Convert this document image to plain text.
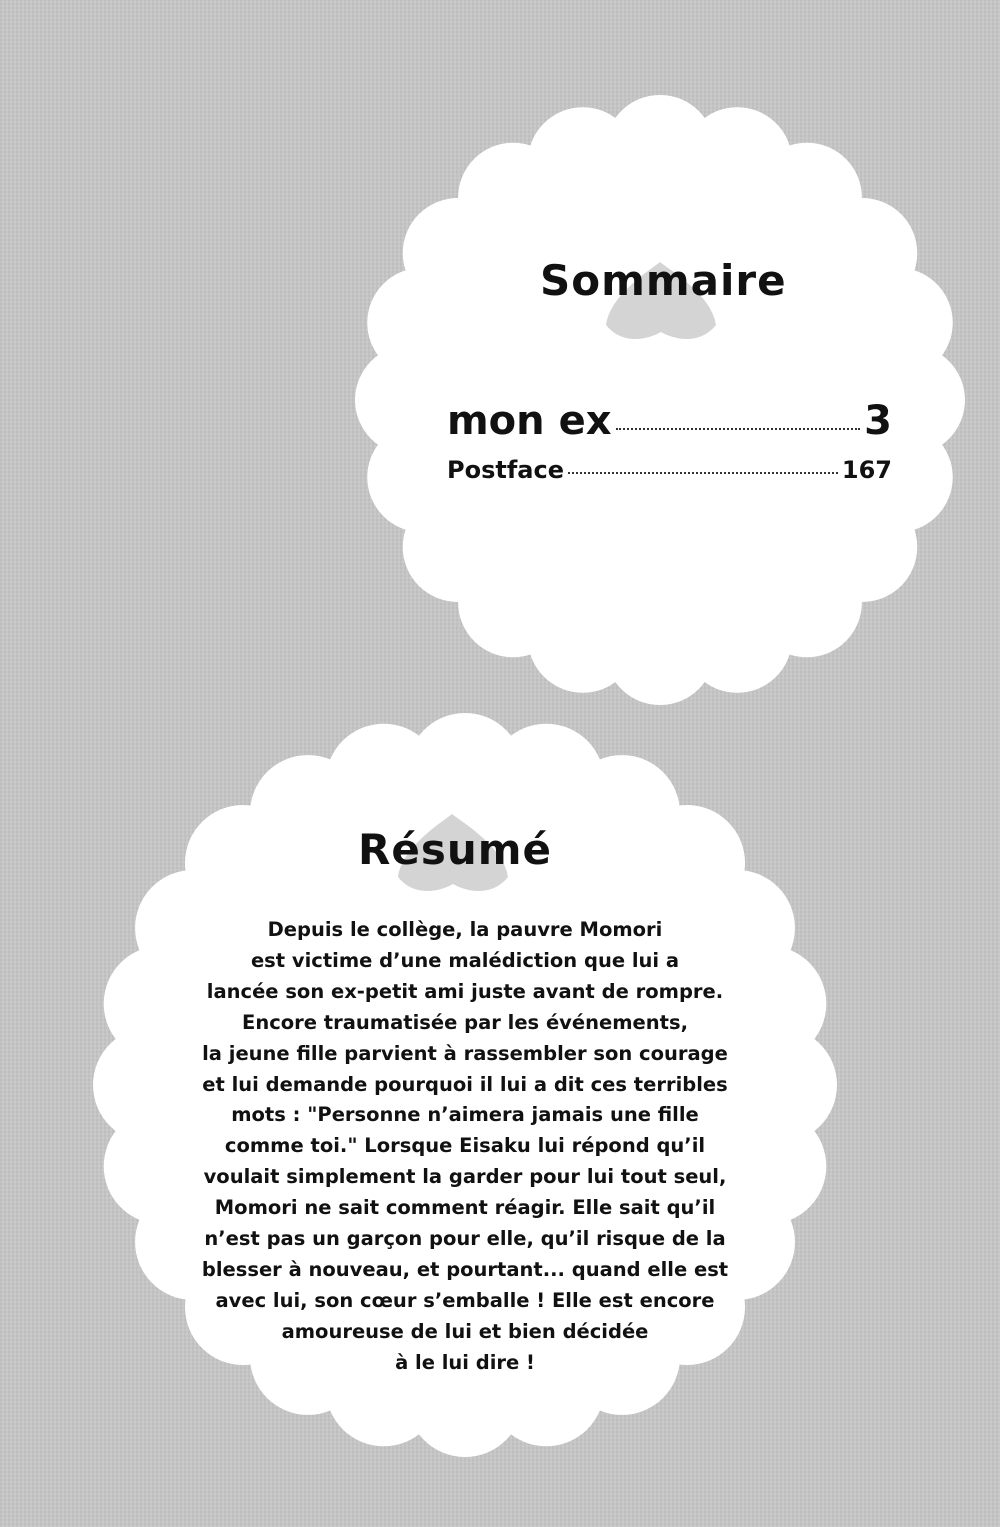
Sommaire
mon ex	3
Postface	167
Résumé
Depuis le collège, la pauvre Momori
est victime d’une malédiction que lui a
lancée son ex-petit ami juste avant de rompre.
Encore traumatisée par les événements,
la jeune fille parvient à rassembler son courage
et lui demande pourquoi il lui a dit ces terribles
mots : "Personne n’aimera jamais une fille
comme toi." Lorsque Eisaku lui répond qu’il
voulait simplement la garder pour lui tout seul,
Momori ne sait comment réagir. Elle sait qu’il
n’est pas un garçon pour elle, qu’il risque de la
blesser à nouveau, et pourtant... quand elle est
avec lui, son cœur s’emballe ! Elle est encore
amoureuse de lui et bien décidée
à le lui dire !
